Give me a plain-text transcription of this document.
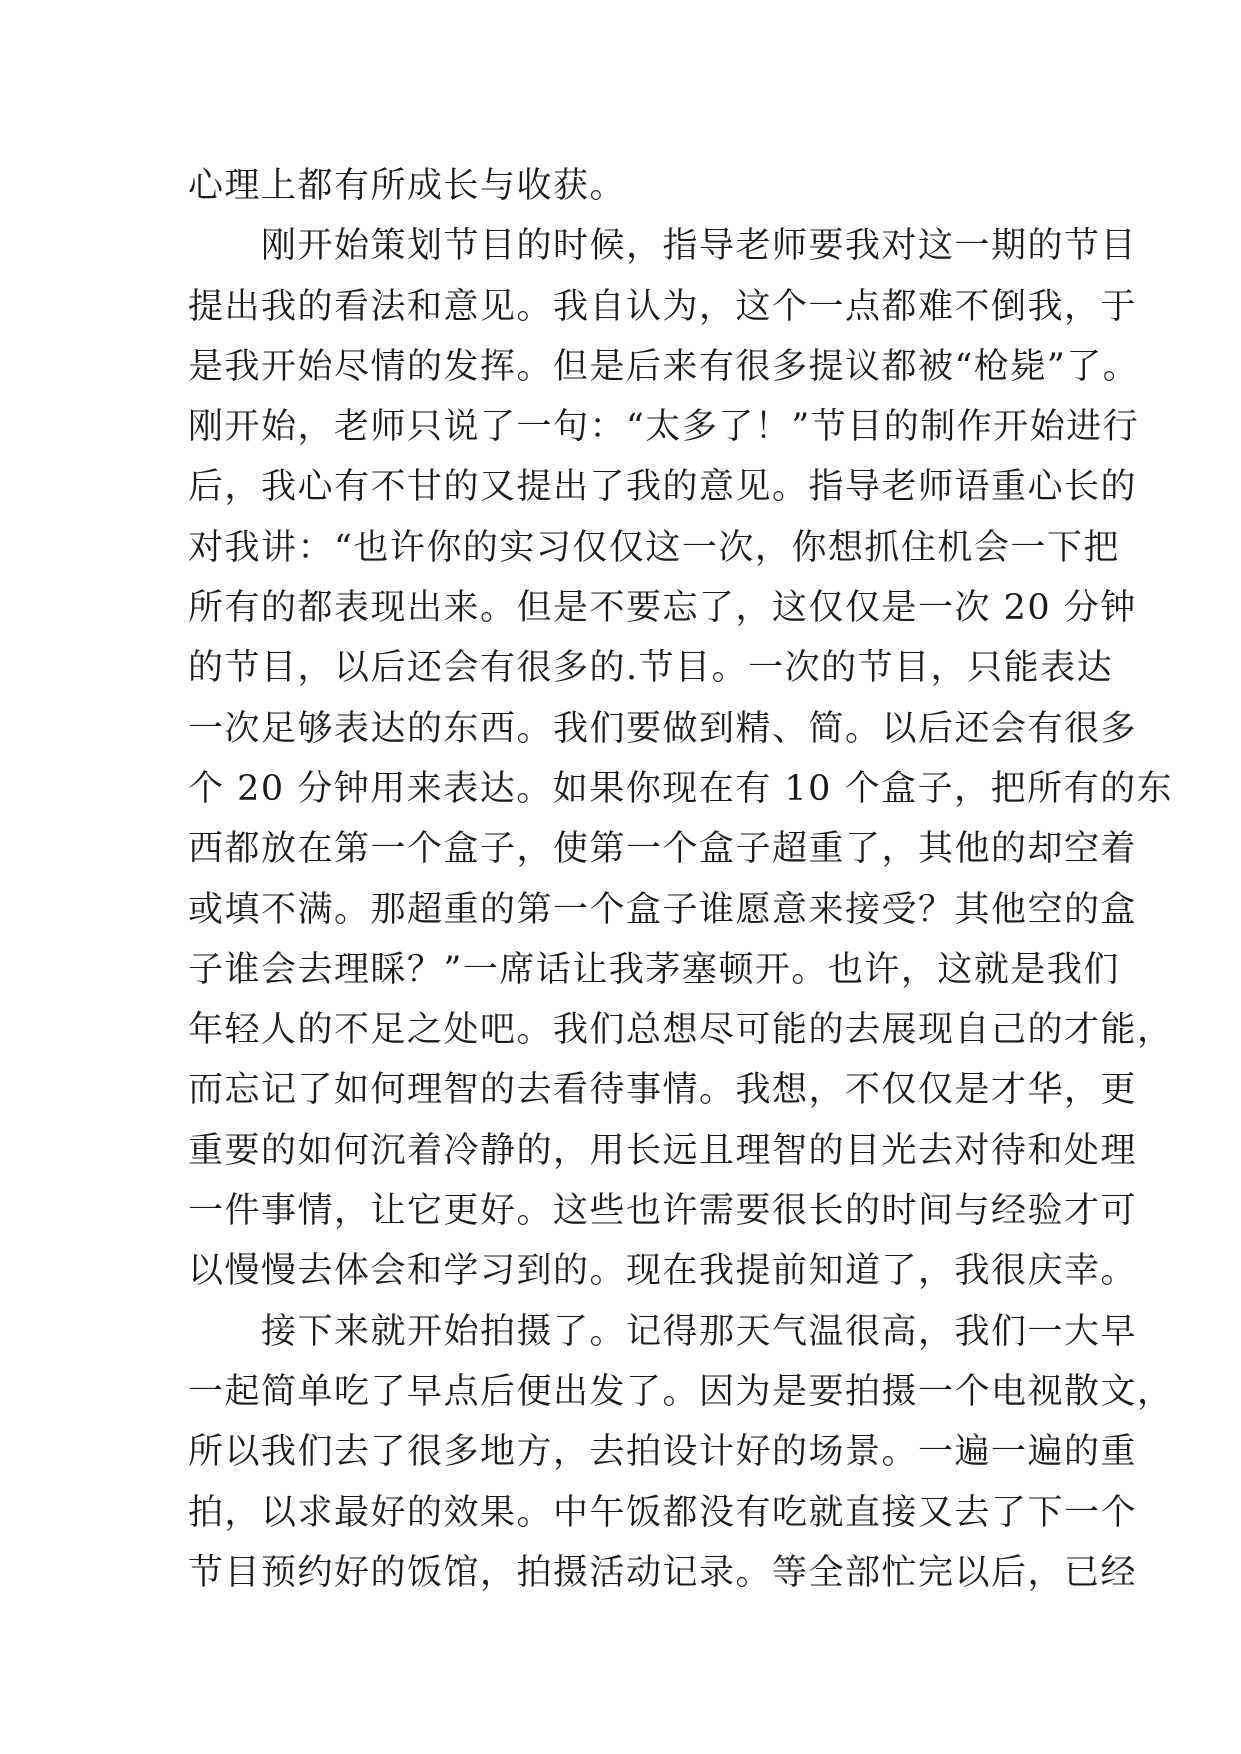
心理上都有所成长与收获。
　　刚开始策划节目的时候，指导老师要我对这一期的节目
提出我的看法和意见。我自认为，这个一点都难不倒我，于
是我开始尽情的发挥。但是后来有很多提议都被“枪毙”了。
刚开始，老师只说了一句：“太多了！”节目的制作开始进行
后，我心有不甘的又提出了我的意见。指导老师语重心长的
对我讲：“也许你的实习仅仅这一次，你想抓住机会一下把
所有的都表现出来。但是不要忘了，这仅仅是一次 20 分钟
的节目，以后还会有很多的.节目。一次的节目，只能表达
一次足够表达的东西。我们要做到精、简。以后还会有很多
个 20 分钟用来表达。如果你现在有 10 个盒子，把所有的东
西都放在第一个盒子，使第一个盒子超重了，其他的却空着
或填不满。那超重的第一个盒子谁愿意来接受？其他空的盒
子谁会去理睬？”一席话让我茅塞顿开。也许，这就是我们
年轻人的不足之处吧。我们总想尽可能的去展现自己的才能，
而忘记了如何理智的去看待事情。我想，不仅仅是才华，更
重要的如何沉着冷静的，用长远且理智的目光去对待和处理
一件事情，让它更好。这些也许需要很长的时间与经验才可
以慢慢去体会和学习到的。现在我提前知道了，我很庆幸。
　　接下来就开始拍摄了。记得那天气温很高，我们一大早
一起简单吃了早点后便出发了。因为是要拍摄一个电视散文，
所以我们去了很多地方，去拍设计好的场景。一遍一遍的重
拍，以求最好的效果。中午饭都没有吃就直接又去了下一个
节目预约好的饭馆，拍摄活动记录。等全部忙完以后，已经
